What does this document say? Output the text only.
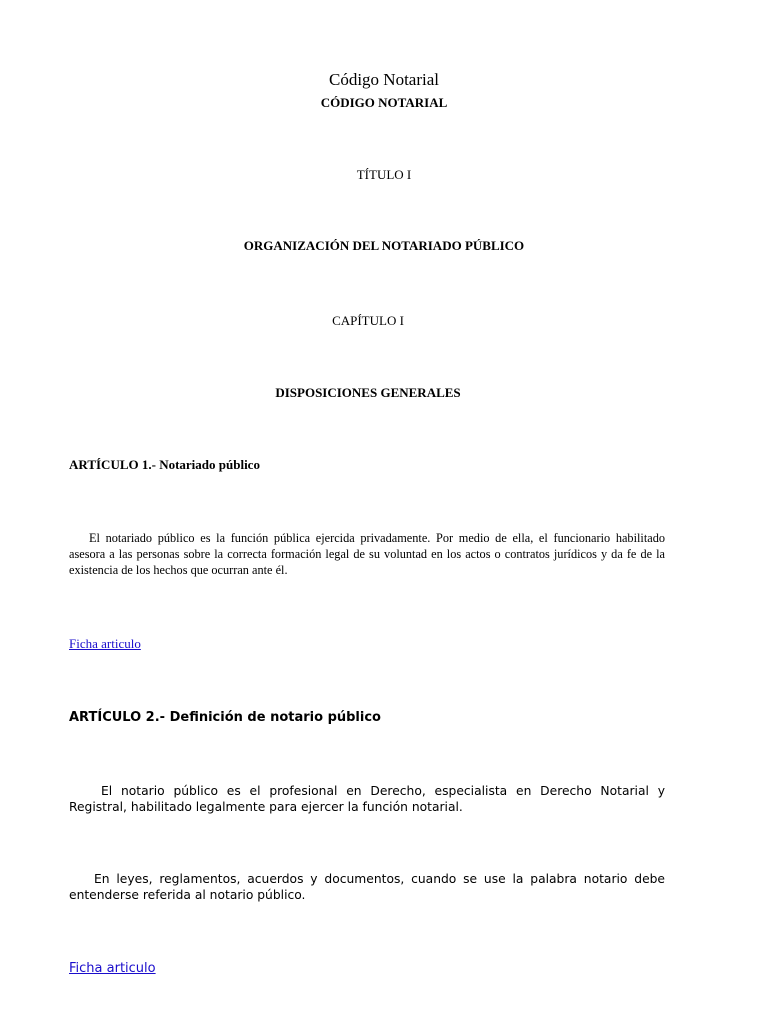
Código Notarial
CÓDIGO NOTARIAL
TÍTULO I
ORGANIZACIÓN DEL NOTARIADO PÚBLICO
CAPÍTULO I
DISPOSICIONES GENERALES
ARTÍCULO 1.- Notariado público
El notariado público es la función pública ejercida privadamente. Por medio de ella, el funcionario habilitado asesora a las personas sobre la correcta formación legal de su voluntad en los actos o contratos jurídicos y da fe de la existencia de los hechos que ocurran ante él.
Ficha articulo
ARTÍCULO 2.- Definición de notario público
El notario público es el profesional en Derecho, especialista en Derecho Notarial y Registral, habilitado legalmente para ejercer la función notarial.
En leyes, reglamentos, acuerdos y documentos, cuando se use la palabra notario debe entenderse referida al notario público.
Ficha articulo
